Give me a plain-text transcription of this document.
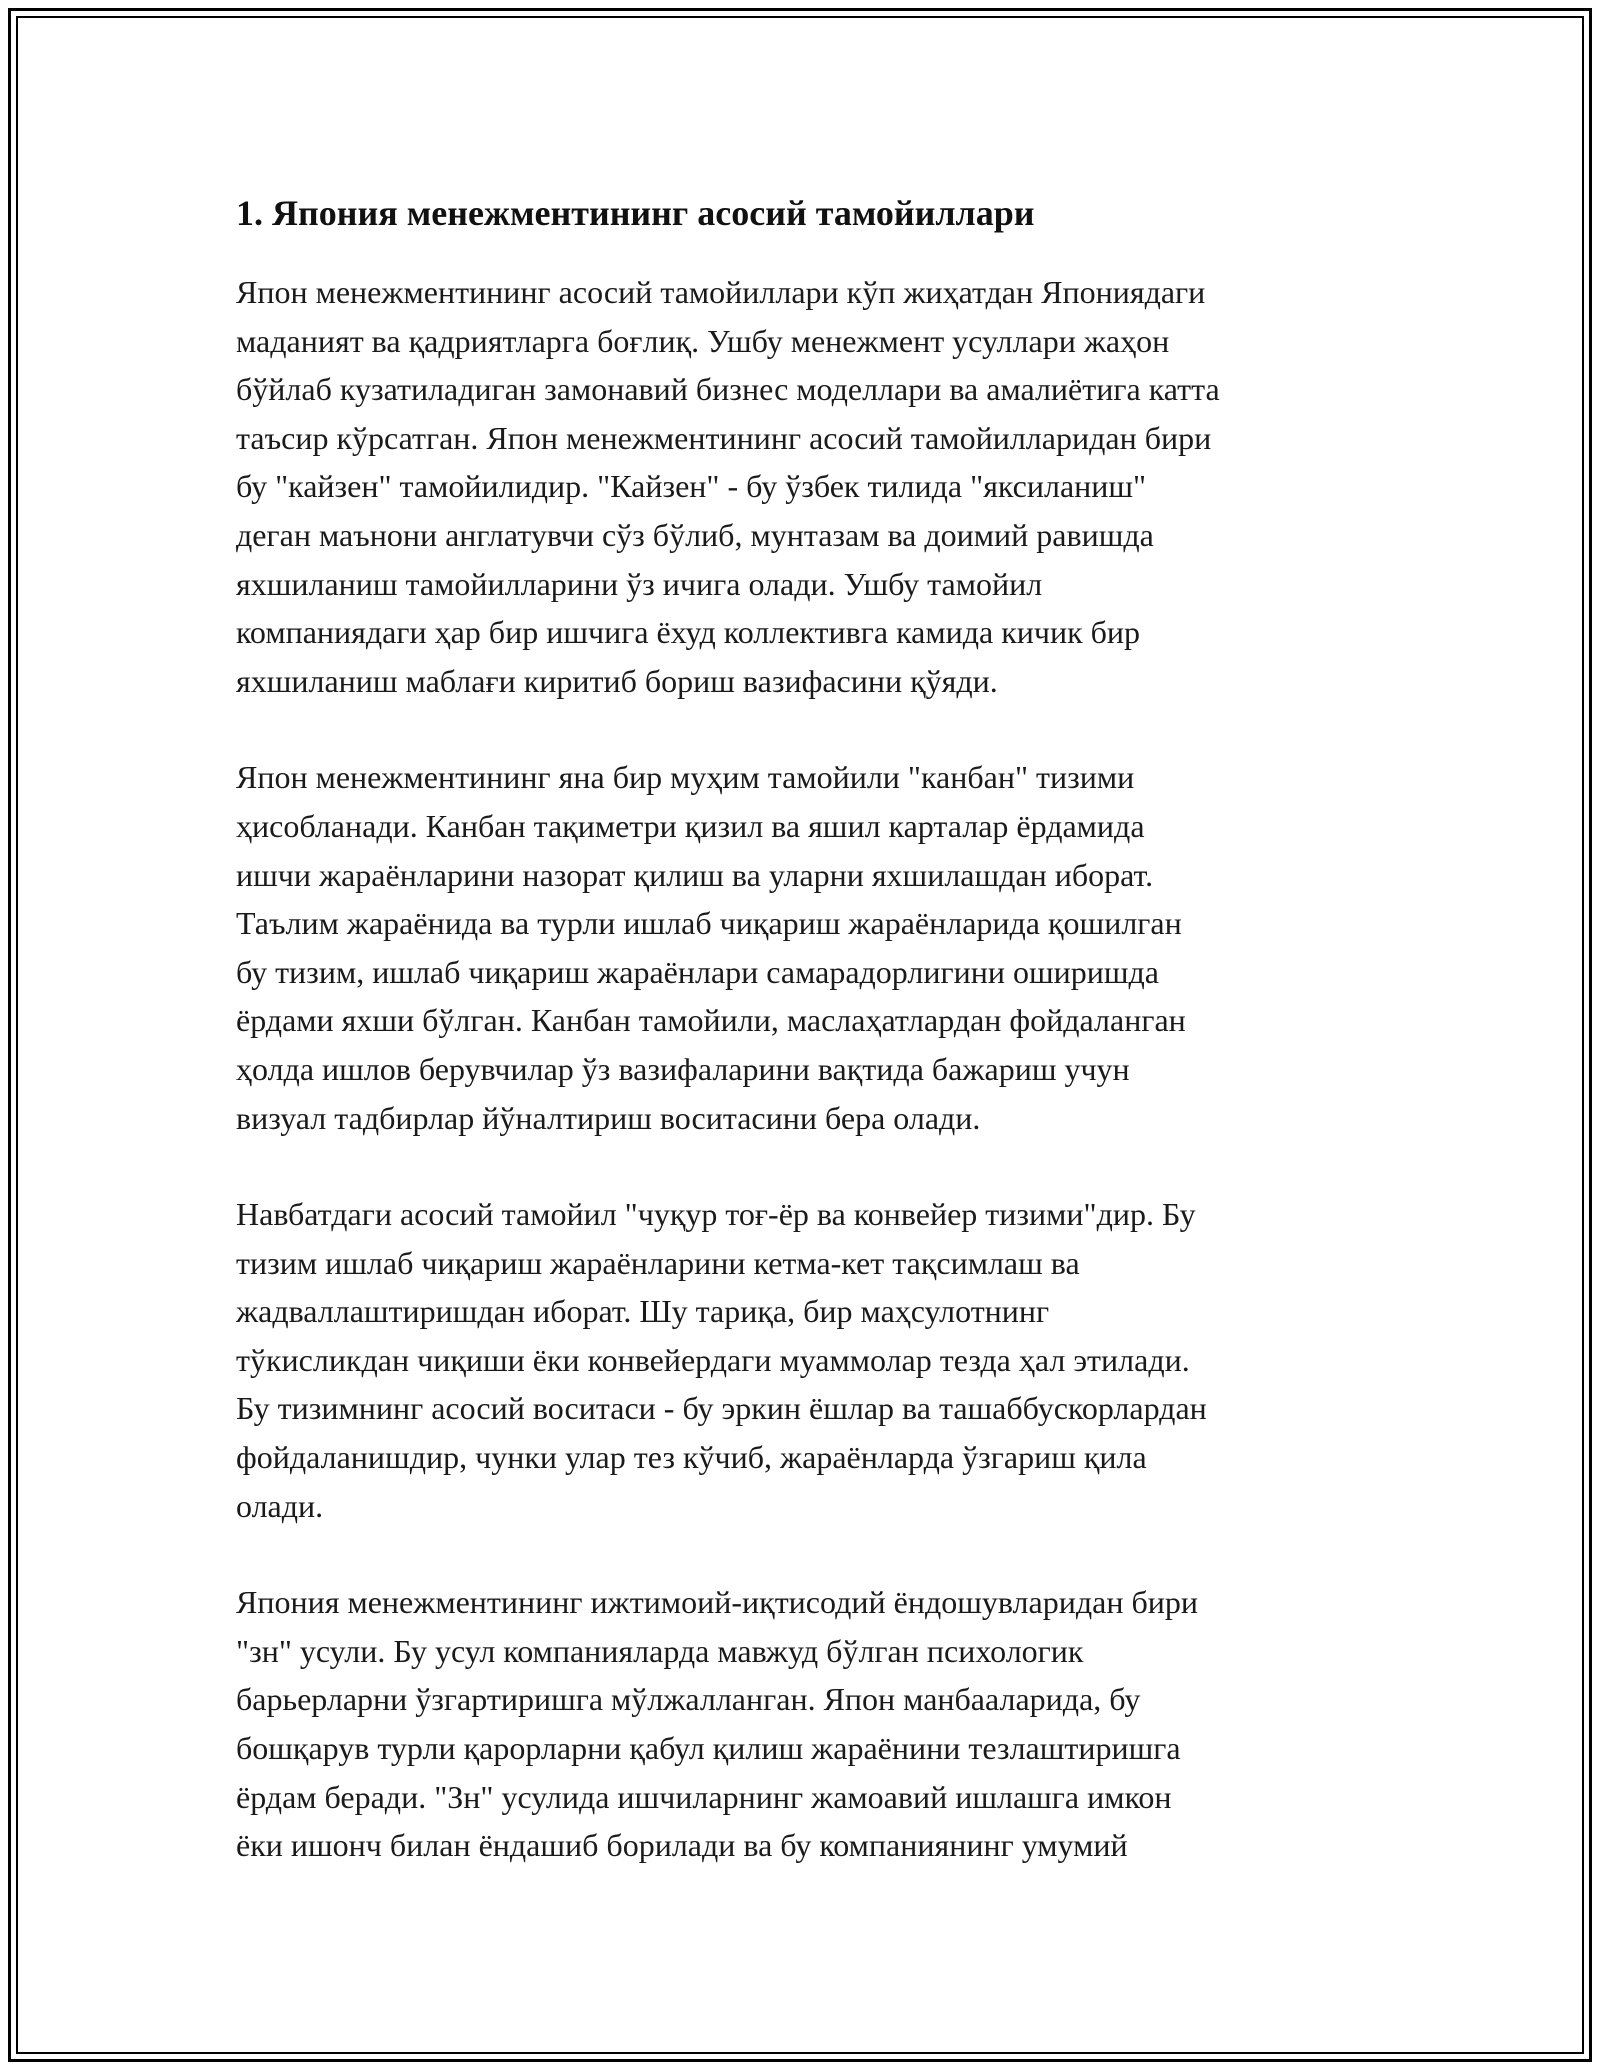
1. Япония менежментининг асосий тамойиллари

Япон менежментининг асосий тамойиллари кўп жиҳатдан Япониядаги
маданият ва қадриятларга боғлиқ. Ушбу менежмент усуллари жаҳон
бўйлаб кузатиладиган замонавий бизнес моделлари ва амалиётига катта
таъсир кўрсатган. Япон менежментининг асосий тамойилларидан бири
бу "кайзен" тамойилидир. "Кайзен" - бу ўзбек тилида "яксиланиш"
деган маънони англатувчи сўз бўлиб, мунтазам ва доимий равишда
яхшиланиш тамойилларини ўз ичига олади. Ушбу тамойил
компаниядаги ҳар бир ишчига ёхуд коллективга камида кичик бир
яхшиланиш маблағи киритиб бориш вазифасини қўяди.

Япон менежментининг яна бир муҳим тамойили "канбан" тизими
ҳисобланади. Канбан тақиметри қизил ва яшил карталар ёрдамида
ишчи жараёнларини назорат қилиш ва уларни яхшилашдан иборат.
Таълим жараёнида ва турли ишлаб чиқариш жараёнларида қошилган
бу тизим, ишлаб чиқариш жараёнлари самарадорлигини оширишда
ёрдами яхши бўлган. Канбан тамойили, маслаҳатлардан фойдаланган
ҳолда ишлов берувчилар ўз вазифаларини вақтида бажариш учун
визуал тадбирлар йўналтириш воситасини бера олади.

Навбатдаги асосий тамойил "чуқур тоғ-ёр ва конвейер тизими"дир. Бу
тизим ишлаб чиқариш жараёнларини кетма-кет тақсимлаш ва
жадваллаштиришдан иборат. Шу тариқа, бир маҳсулотнинг
тўкисликдан чиқиши ёки конвейердаги муаммолар тезда ҳал этилади.
Бу тизимнинг асосий воситаси - бу эркин ёшлар ва ташаббускорлардан
фойдаланишдир, чунки улар тез кўчиб, жараёнларда ўзгариш қила
олади.

Япония менежментининг ижтимоий-иқтисодий ёндошувларидан бири
"зн" усули. Бу усул компанияларда мавжуд бўлган психологик
барьерларни ўзгартиришга мўлжалланган. Япон манбааларида, бу
бошқарув турли қарорларни қабул қилиш жараёнини тезлаштиришга
ёрдам беради. "Зн" усулида ишчиларнинг жамоавий ишлашга имкон
ёки ишонч билан ёндашиб борилади ва бу компаниянинг умумий
